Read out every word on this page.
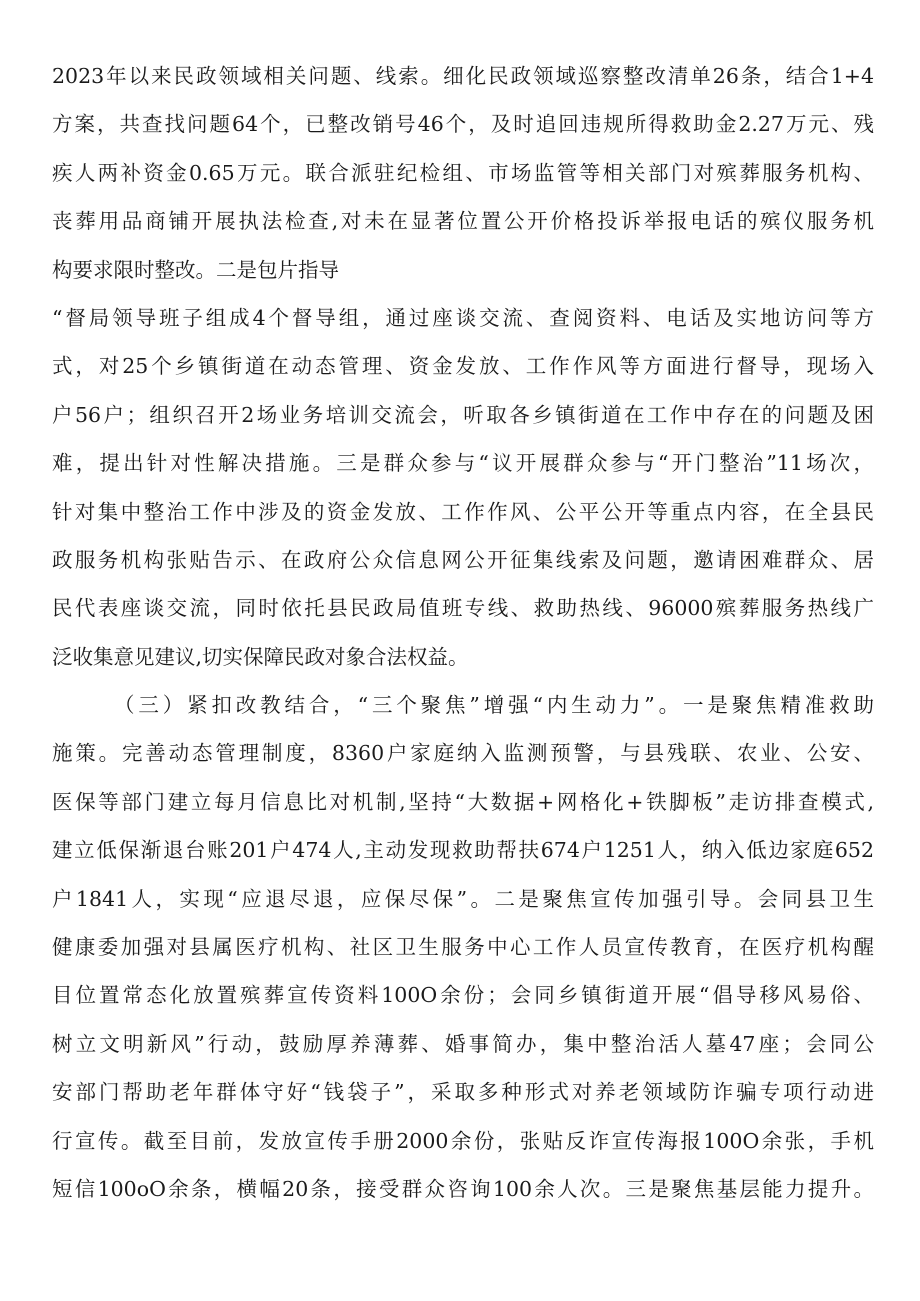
2023年以来民政领域相关问题、线索。细化民政领域巡察整改清单26条，结合1+4
方案，共查找问题64个，已整改销号46个，及时追回违规所得救助金2.27万元、残
疾人两补资金0.65万元。联合派驻纪检组、市场监管等相关部门对殡葬服务机构、
丧葬用品商铺开展执法检查,对未在显著位置公开价格投诉举报电话的殡仪服务机
构要求限时整改。二是包片指导
“督局领导班子组成4个督导组，通过座谈交流、查阅资料、电话及实地访问等方
式，对25个乡镇街道在动态管理、资金发放、工作作风等方面进行督导，现场入
户56户；组织召开2场业务培训交流会，听取各乡镇街道在工作中存在的问题及困
难，提出针对性解决措施。三是群众参与“议开展群众参与“开门整治”11场次，
针对集中整治工作中涉及的资金发放、工作作风、公平公开等重点内容，在全县民
政服务机构张贴告示、在政府公众信息网公开征集线索及问题，邀请困难群众、居
民代表座谈交流，同时依托县民政局值班专线、救助热线、96000殡葬服务热线广
泛收集意见建议,切实保障民政对象合法权益。
（三）紧扣改教结合，“三个聚焦”增强“内生动力”。一是聚焦精准救助
施策。完善动态管理制度，8360户家庭纳入监测预警，与县残联、农业、公安、
医保等部门建立每月信息比对机制,坚持“大数据+网格化+铁脚板”走访排查模式,
建立低保渐退台账201户474人,主动发现救助帮扶674户1251人，纳入低边家庭652
户1841人，实现“应退尽退，应保尽保”。二是聚焦宣传加强引导。会同县卫生
健康委加强对县属医疗机构、社区卫生服务中心工作人员宣传教育，在医疗机构醒
目位置常态化放置殡葬宣传资料100O余份；会同乡镇街道开展“倡导移风易俗、
树立文明新风”行动，鼓励厚养薄葬、婚事简办，集中整治活人墓47座；会同公
安部门帮助老年群体守好“钱袋子”，采取多种形式对养老领域防诈骗专项行动进
行宣传。截至目前，发放宣传手册2000余份，张贴反诈宣传海报100O余张，手机
短信100oO余条，横幅20条，接受群众咨询100余人次。三是聚焦基层能力提升。
